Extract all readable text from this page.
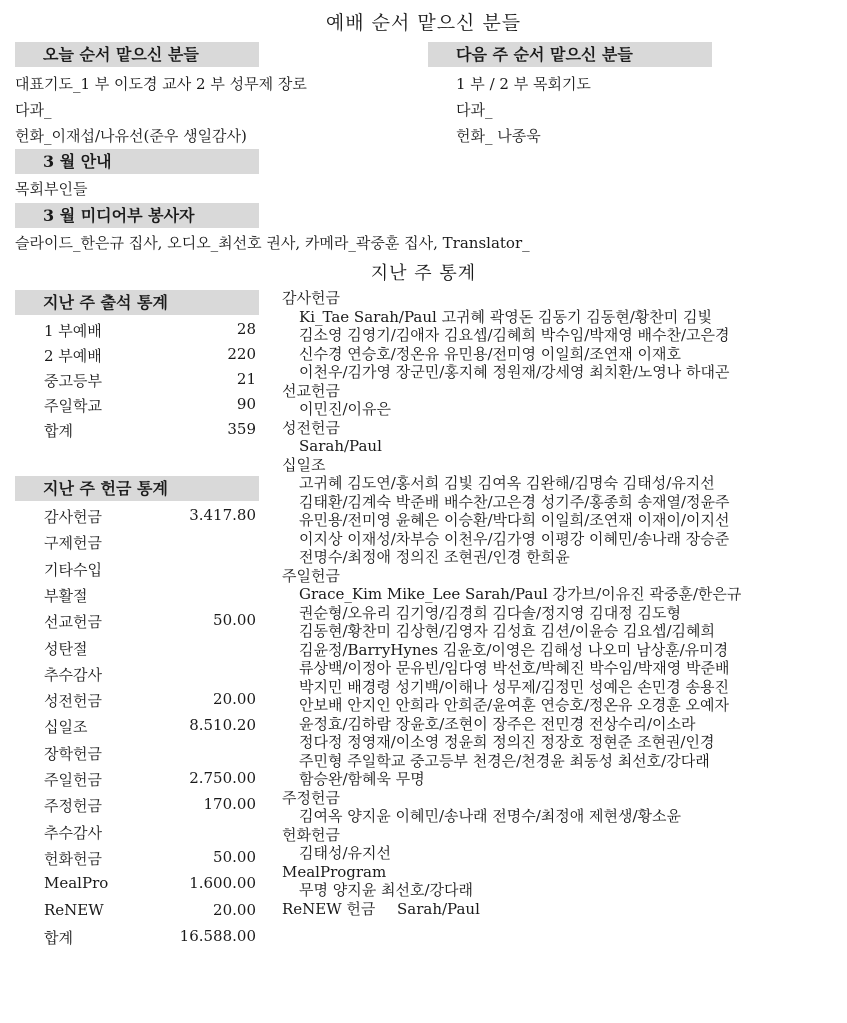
예배 순서 맡으신 분들
오늘 순서 맡으신 분들
대표기도_1 부 이도경 교사 2 부 성무제 장로
다과_
헌화_이재섭/나유선(준우 생일감사)
다음 주 순서 맡으신 분들
1 부 / 2 부 목회기도
다과_
헌화_ 나종욱
3 월 안내
목회부인들
3 월 미디어부 봉사자
슬라이드_한은규 집사, 오디오_최선호 권사, 카메라_곽중훈 집사, Translator_
지난 주 통계
지난 주 출석 통계
1 부예배	28
2 부예배	220
중고등부	21
주일학교	90
합계	359
지난 주 헌금 통계
감사헌금	3.417.80
구제헌금
기타수입
부활절
선교헌금	50.00
성탄절
추수감사
성전헌금	20.00
십일조	8.510.20
장학헌금
주일헌금	2.750.00
주정헌금	170.00
추수감사
헌화헌금	50.00
MealPro	1.600.00
ReNEW	20.00
합계	16.588.00
감사헌금
Ki_Tae Sarah/Paul 고귀혜 곽영돈 김동기 김동현/황찬미 김빛
김소영 김영기/김애자 김요셉/김혜희 박수임/박재영 배수찬/고은경
신수경 연승호/정온유 유민용/전미영 이일희/조연재 이재호
이천우/김가영 장군민/홍지혜 정원재/강세영 최치환/노영나 하대곤
선교헌금
이민진/이유은
성전헌금
Sarah/Paul
십일조
고귀혜 김도연/홍서희 김빛 김여옥 김완해/김명숙 김태성/유지선
김태환/김계숙 박준배 배수찬/고은경 성기주/홍종희 송재열/정윤주
유민용/전미영 윤혜은 이승환/박다희 이일희/조연재 이재이/이지선
이지상 이재성/차부승 이천우/김가영 이평강 이혜민/송나래 장승준
전명수/최정애 정의진 조현권/인경 한희윤
주일헌금
Grace_Kim Mike_Lee Sarah/Paul 강가브/이유진 곽중훈/한은규
권순형/오유리 김기영/김경희 김다솔/정지영 김대정 김도형
김동현/황찬미 김상현/김영자 김성효 김션/이윤승 김요셉/김혜희
김윤정/BarryHynes 김윤호/이영은 김해성 나오미 남상훈/유미경
류상백/이정아 문유빈/임다영 박선호/박혜진 박수임/박재영 박준배
박지민 배경령 성기백/이해나 성무제/김정민 성예은 손민경 송용진
안보배 안지인 안희라 안희준/윤여훈 연승호/정온유 오경훈 오예자
윤정효/김하람 장윤호/조현이 장주은 전민경 전상수리/이소라
정다정 정영재/이소영 정윤희 정의진 정장호 정현준 조현권/인경
주민형 주일학교 중고등부 천경은/천경윤 최동성 최선호/강다래
함승완/함혜욱 무명
주정헌금
김여옥 양지윤 이혜민/송나래 전명수/최정애 제현생/황소윤
헌화헌금
김태성/유지선
MealProgram
무명 양지윤 최선호/강다래
ReNEW 헌금 Sarah/Paul
